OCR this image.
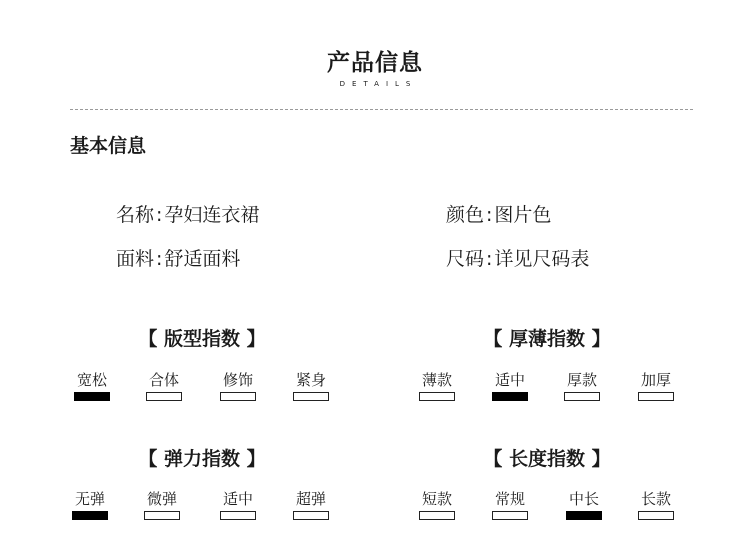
产品信息
DETAILS
基本信息
名称 : 孕妇连衣裙	颜色 : 图片色
面料 : 舒适面料	尺码 : 详见尺码表
【 版型指数 】
宽松	合体	修饰	紧身
【 厚薄指数 】
薄款	适中	厚款	加厚
【 弹力指数 】
无弹	微弹	适中	超弹
【 长度指数 】
短款	常规	中长	长款
